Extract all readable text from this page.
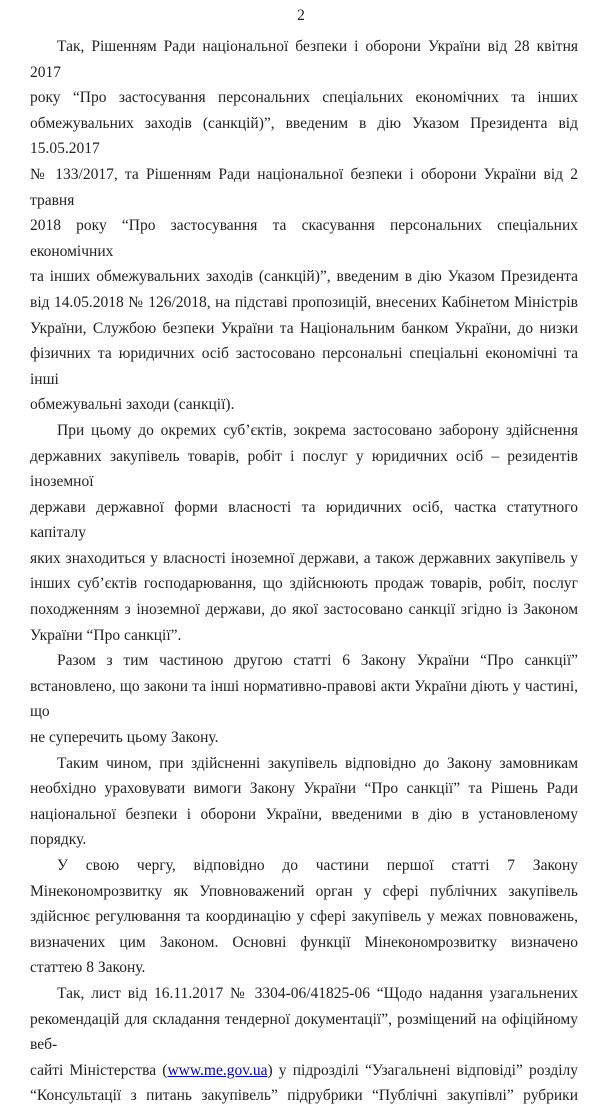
2
Так, Рішенням Ради національної безпеки і оборони України від 28 квітня 2017
року “Про застосування персональних спеціальних економічних та інших
обмежувальних заходів (санкцій)”, введеним в дію Указом Президента від 15.05.2017
№ 133/2017, та Рішенням Ради національної безпеки і оборони України від 2 травня
2018 року “Про застосування та скасування персональних спеціальних економічних
та інших обмежувальних заходів (санкцій)”, введеним в дію Указом Президента
від 14.05.2018 № 126/2018, на підставі пропозицій, внесених Кабінетом Міністрів
України, Службою безпеки України та Національним банком України, до низки
фізичних та юридичних осіб застосовано персональні спеціальні економічні та інші
обмежувальні заходи (санкції).
При цьому до окремих суб’єктів, зокрема застосовано заборону здійснення
державних закупівель товарів, робіт і послуг у юридичних осіб – резидентів іноземної
держави державної форми власності та юридичних осіб, частка статутного капіталу
яких знаходиться у власності іноземної держави, а також державних закупівель у
інших суб’єктів господарювання, що здійснюють продаж товарів, робіт, послуг
походженням з іноземної держави, до якої застосовано санкції згідно із Законом
України “Про санкції”.
Разом з тим частиною другою статті 6 Закону України “Про санкції”
встановлено, що закони та інші нормативно-правові акти України діють у частині, що
не суперечить цьому Закону.
Таким чином, при здійсненні закупівель відповідно до Закону замовникам
необхідно ураховувати вимоги Закону України “Про санкції” та Рішень Ради
національної безпеки і оборони України, введеними в дію в установленому порядку.
У свою чергу, відповідно до частини першої статті 7 Закону
Мінекономрозвитку як Уповноважений орган у сфері публічних закупівель
здійснює регулювання та координацію у сфері закупівель у межах повноважень,
визначених цим Законом. Основні функції Мінекономрозвитку визначено
статтею 8 Закону.
Так, лист від 16.11.2017 № 3304-06/41825-06 “Щодо надання узагальнених
рекомендацій для складання тендерної документації”, розміщений на офіційному веб-
сайті Міністерства (www.me.gov.ua) у підрозділі “Узагальнені відповіді” розділу
“Консультації з питань закупівель” підрубрики “Публічні закупівлі” рубрики
